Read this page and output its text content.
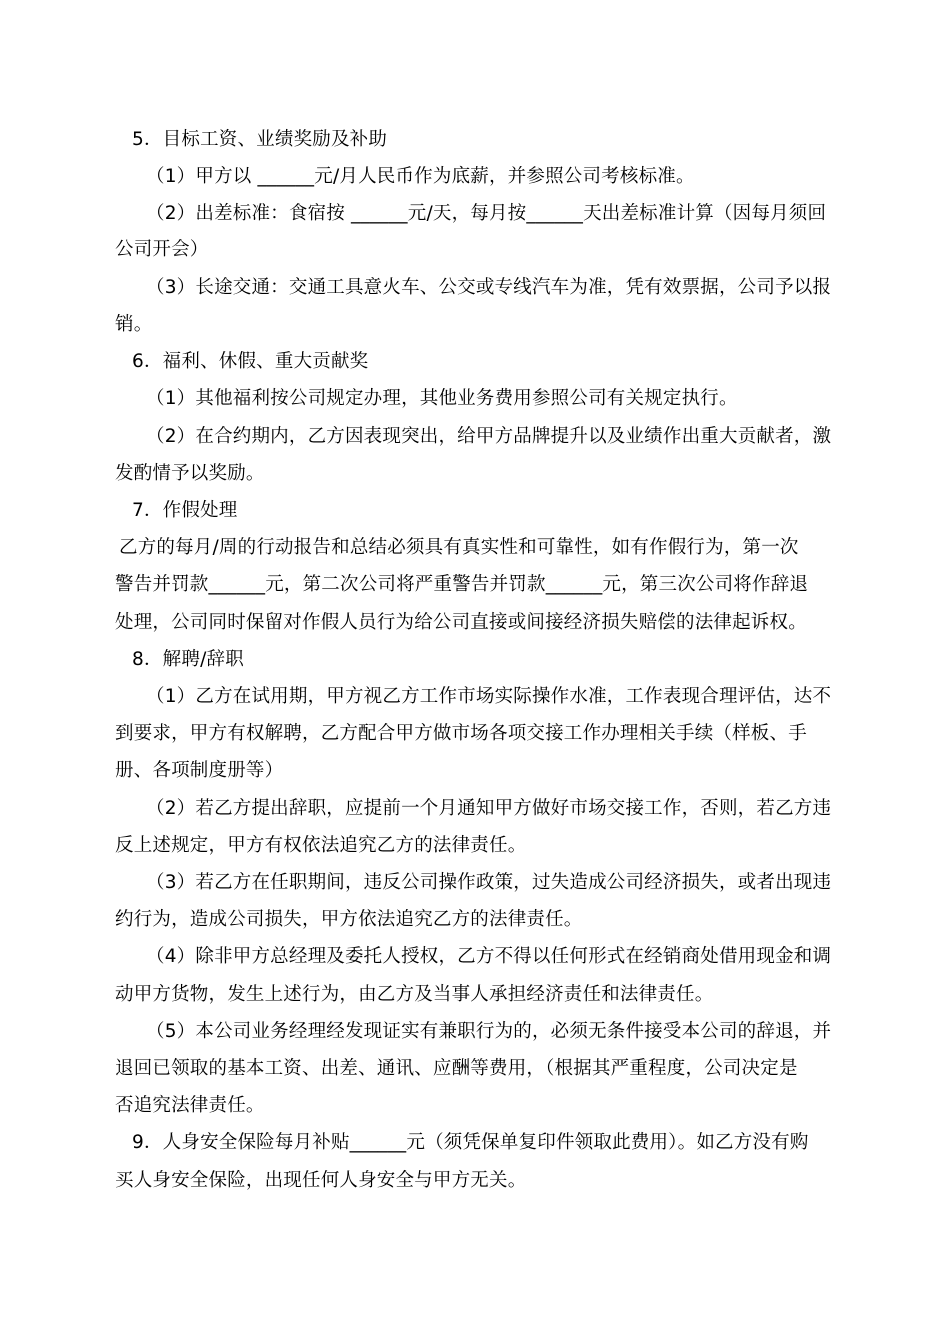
5．目标工资、业绩奖励及补助
（1）甲方以 ______元/月人民币作为底薪，并参照公司考核标准。
（2）出差标准：食宿按 ______元/天，每月按______天出差标准计算（因每月须回
公司开会）
（3）长途交通：交通工具意火车、公交或专线汽车为准，凭有效票据，公司予以报
销。
6．福利、休假、重大贡献奖
（1）其他福利按公司规定办理，其他业务费用参照公司有关规定执行。
（2）在合约期内，乙方因表现突出，给甲方品牌提升以及业绩作出重大贡献者，激
发酌情予以奖励。
7．作假处理
乙方的每月/周的行动报告和总结必须具有真实性和可靠性，如有作假行为，第一次
警告并罚款______元，第二次公司将严重警告并罚款______元，第三次公司将作辞退
处理，公司同时保留对作假人员行为给公司直接或间接经济损失赔偿的法律起诉权。
8．解聘/辞职
（1）乙方在试用期，甲方视乙方工作市场实际操作水准，工作表现合理评估，达不
到要求，甲方有权解聘，乙方配合甲方做市场各项交接工作办理相关手续（样板、手
册、各项制度册等）
（2）若乙方提出辞职，应提前一个月通知甲方做好市场交接工作，否则，若乙方违
反上述规定，甲方有权依法追究乙方的法律责任。
（3）若乙方在任职期间，违反公司操作政策，过失造成公司经济损失，或者出现违
约行为，造成公司损失，甲方依法追究乙方的法律责任。
（4）除非甲方总经理及委托人授权，乙方不得以任何形式在经销商处借用现金和调
动甲方货物，发生上述行为，由乙方及当事人承担经济责任和法律责任。
（5）本公司业务经理经发现证实有兼职行为的，必须无条件接受本公司的辞退，并
退回已领取的基本工资、出差、通讯、应酬等费用，（根据其严重程度，公司决定是
否追究法律责任。
9．人身安全保险每月补贴______元（须凭保单复印件领取此费用）。如乙方没有购
买人身安全保险，出现任何人身安全与甲方无关。
